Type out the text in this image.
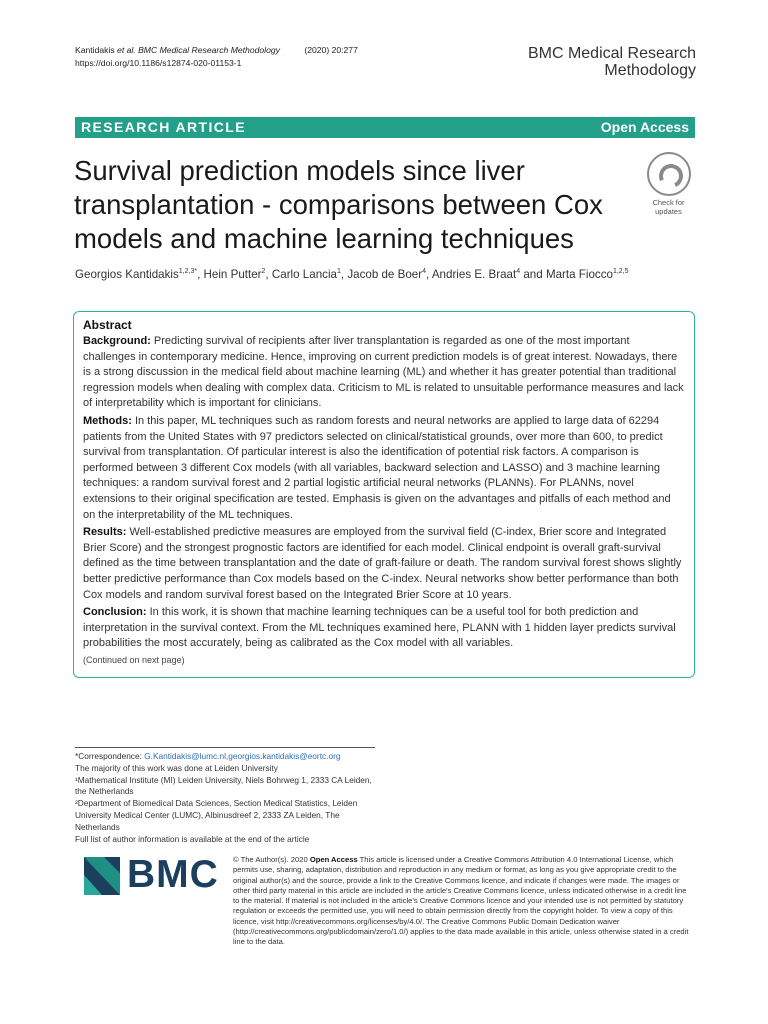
Kantidakis et al. BMC Medical Research Methodology	(2020) 20:277
https://doi.org/10.1186/s12874-020-01153-1
BMC Medical Research
Methodology
RESEARCH ARTICLE	Open Access
Survival prediction models since liver transplantation - comparisons between Cox models and machine learning techniques
Check for
updates
Georgios Kantidakis$^{1,2,3*}$, Hein Putter$^2$, Carlo Lancia$^1$, Jacob de Boer$^4$, Andries E. Braat$^4$ and Marta Fiocco$^{1,2,5}$
Abstract

Background: Predicting survival of recipients after liver transplantation is regarded as one of the most important challenges in contemporary medicine. Hence, improving on current prediction models is of great interest. Nowadays, there is a strong discussion in the medical field about machine learning (ML) and whether it has greater potential than traditional regression models when dealing with complex data. Criticism to ML is related to unsuitable performance measures and lack of interpretability which is important for clinicians.

Methods: In this paper, ML techniques such as random forests and neural networks are applied to large data of 62294 patients from the United States with 97 predictors selected on clinical/statistical grounds, over more than 600, to predict survival from transplantation. Of particular interest is also the identification of potential risk factors. A comparison is performed between 3 different Cox models (with all variables, backward selection and LASSO) and 3 machine learning techniques: a random survival forest and 2 partial logistic artificial neural networks (PLANNs). For PLANNs, novel extensions to their original specification are tested. Emphasis is given on the advantages and pitfalls of each method and on the interpretability of the ML techniques.

Results: Well-established predictive measures are employed from the survival field (C-index, Brier score and Integrated Brier Score) and the strongest prognostic factors are identified for each model. Clinical endpoint is overall graft-survival defined as the time between transplantation and the date of graft-failure or death. The random survival forest shows slightly better predictive performance than Cox models based on the C-index. Neural networks show better performance than both Cox models and random survival forest based on the Integrated Brier Score at 10 years.

Conclusion: In this work, it is shown that machine learning techniques can be a useful tool for both prediction and interpretation in the survival context. From the ML techniques examined here, PLANN with 1 hidden layer predicts survival probabilities the most accurately, being as calibrated as the Cox model with all variables.

(Continued on next page)
*Correspondence: G.Kantidakis@lumc.nl,georgios.kantidakis@eortc.org
The majority of this work was done at Leiden University
¹Mathematical Institute (MI) Leiden University, Niels Bohrweg 1, 2333 CA Leiden, the Netherlands
²Department of Biomedical Data Sciences, Section Medical Statistics, Leiden University Medical Center (LUMC), Albinusdreef 2, 2333 ZA Leiden, The Netherlands
Full list of author information is available at the end of the article
BMC © The Author(s). 2020 Open Access This article is licensed under a Creative Commons Attribution 4.0 International License, which permits use, sharing, adaptation, distribution and reproduction in any medium or format, as long as you give appropriate credit to the original author(s) and the source, provide a link to the Creative Commons licence, and indicate if changes were made. The images or other third party material in this article are included in the article's Creative Commons licence, unless indicated otherwise in a credit line to the material. If material is not included in the article's Creative Commons licence and your intended use is not permitted by statutory regulation or exceeds the permitted use, you will need to obtain permission directly from the copyright holder. To view a copy of this licence, visit http://creativecommons.org/licenses/by/4.0/. The Creative Commons Public Domain Dedication waiver (http://creativecommons.org/publicdomain/zero/1.0/) applies to the data made available in this article, unless otherwise stated in a credit line to the data.
